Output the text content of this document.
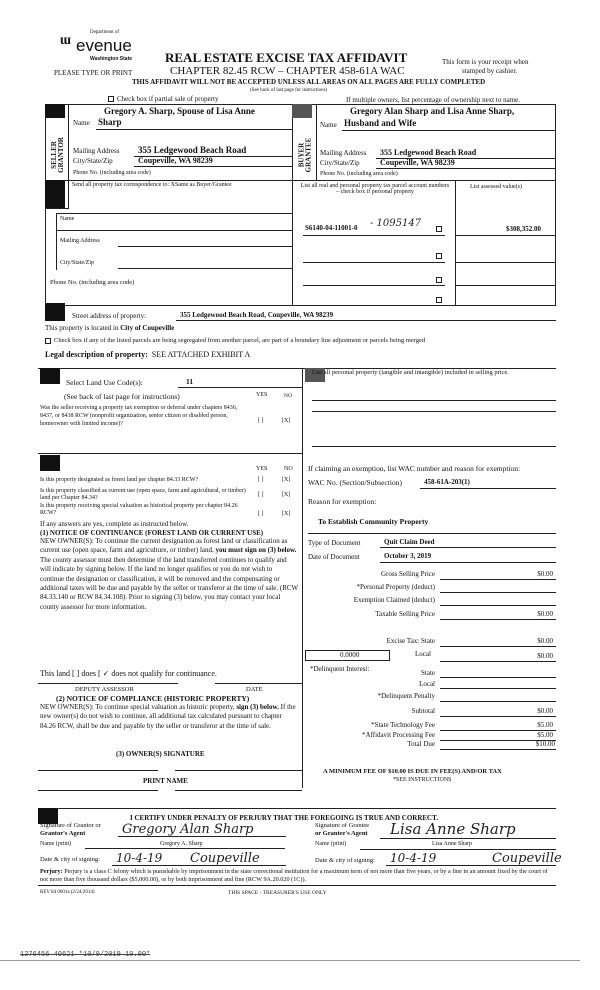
ᵚ	Department of
evenue
Washington State
PLEASE TYPE OR PRINT
REAL ESTATE EXCISE TAX AFFIDAVIT
CHAPTER 82.45 RCW – CHAPTER 458-61A WAC
This form is your receipt when
stamped by cashier.
THIS AFFIDAVIT WILL NOT BE ACCEPTED UNLESS ALL AREAS ON ALL PAGES ARE FULLY COMPLETED
(See back of last page for instructions)
Check box if partial sale of property	If multiple owners, list percentage of ownership next to name.
SELLER
GRANTOR	BUYER
GRANTEE
Gregory A. Sharp, Spouse of Lisa Anne
Name Sharp
Mailing Address 355 Ledgewood Beach Road
City/State/Zip	Coupeville, WA 98239
Phone No. (including area code)
Gregory Alan Sharp and Lisa Anne Sharp,
Name Husband and Wife
Mailing Address 355 Ledgewood Beach Road
City/State/Zip	Coupeville, WA 98239
Phone No. (including area code)
Send all property tax correspondence to: XSame as Buyer/Grantee
Name
Mailing Address
City/State/Zip
Phone No. (including area code)
List all real and personal property tax parcel account numbers – check box if personal property
List assessed value(s)
S6140-04-11001-0 - 1095147	$308,352.00
Street address of property:	355 Ledgewood Beach Road, Coupeville, WA 98239
This property is located in City of Coupeville
Check box if any of the listed parcels are being segregated from another parcel, are part of a boundary line adjustment or parcels being merged
Legal description of property: SEE ATTACHED EXHIBIT A
Select Land Use Code(s):	11
(See back of last page for instructions)	YES	NO
Was the seller receiving a property tax exemption or deferral under chapters 8436, 8437, or 8438 RCW (nonprofit organization, senior citizen or disabled person, homeowner with limited income)?	[ ]	[X]
List all personal property (tangible and intangible) included in selling price.
YES	NO
Is this property designated as forest land per chapter 84.33 RCW?	[ ]	[X]
Is this property classified as current use (open space, farm and agricultural, or timber) land per Chapter 84.34?	[ ]	[X]
Is this property receiving special valuation as historical property per chapter 84.26 RCW?	[ ]	[X]
If any answers are yes, complete as instructed below.
(1) NOTICE OF CONTINUANCE (FOREST LAND OR CURRENT USE)
NEW OWNER(S): To continue the current designation as forest land or classification as current use (open space, farm and agriculture, or timber) land, you must sign on (3) below. The county assessor must then determine if the land transferred continues to qualify and will indicate by signing below. If the land no longer qualifies or you do not wish to continue the designation or classification, it will be removed and the compensating or additional taxes will be due and payable by the seller or transferor at the time of sale. (RCW 84.33.140 or RCW 84.34.108). Prior to signing (3) below, you may contact your local county assessor for more information.
This land [ ] does [ ✓ does not qualify for continuance.
DEPUTY ASSESSOR	DATE
(2) NOTICE OF COMPLIANCE (HISTORIC PROPERTY)
NEW OWNER(S): To continue special valuation as historic property, sign (3) below. If the new owner(s) do not wish to continue, all additional tax calculated pursuant to chapter 84.26 RCW, shall be due and payable by the seller or transferor at the time of sale.
(3) OWNER(S) SIGNATURE
PRINT NAME
If claiming an exemption, list WAC number and reason for exemption:
WAC No. (Section/Subsection)	458-61A-203(1)
Reason for exemption:
To Establish Community Property
Type of Document	Quit Claim Deed
Date of Document	October 3, 2019
Gross Selling Price	$0.00
*Personal Property (deduct)
Exemption Claimed (deduct)
Taxable Selling Price	$0.00
Excise Tax: State	$0.00
0.0000	Local	$0.00
*Delinquent Interest:	State
Local
*Delinquent Penalty
Subtotal	$0.00
*State Technology Fee	$5.00
*Affidavit Processing Fee	$5.00
Total Due	$10.00
A MINIMUM FEE OF $10.00 IS DUE IN FEE(S) AND/OR TAX
*SEE INSTRUCTIONS
I CERTIFY UNDER PENALTY OF PERJURY THAT THE FOREGOING IS TRUE AND CORRECT.
Signature of Grantor or
Grantor's Agent	Gregory Alan Sharp
Name (print)	Gregory A. Sharp
Date & city of signing: 10-4-19 Coupeville
Signature of Grantee
or Grantee's Agent Lisa Anne Sharp
Name (print)	Lisa Anne Sharp
Date & city of signing: 10-4-19	Coupeville
Perjury: Perjury is a class C felony which is punishable by imprisonment in the state correctional institution for a maximum term of not more than five years, or by a fine in an amount fixed by the court of not more than five thousand dollars ($5,000.00), or by both imprisonment and fine (RCW 9A.20.020 (1C)).
REV 84 0001a (2/24/2014)	THIS SPACE - TREASURER'S USE ONLY
1276456 40621 *10/9/2019 10.00*
